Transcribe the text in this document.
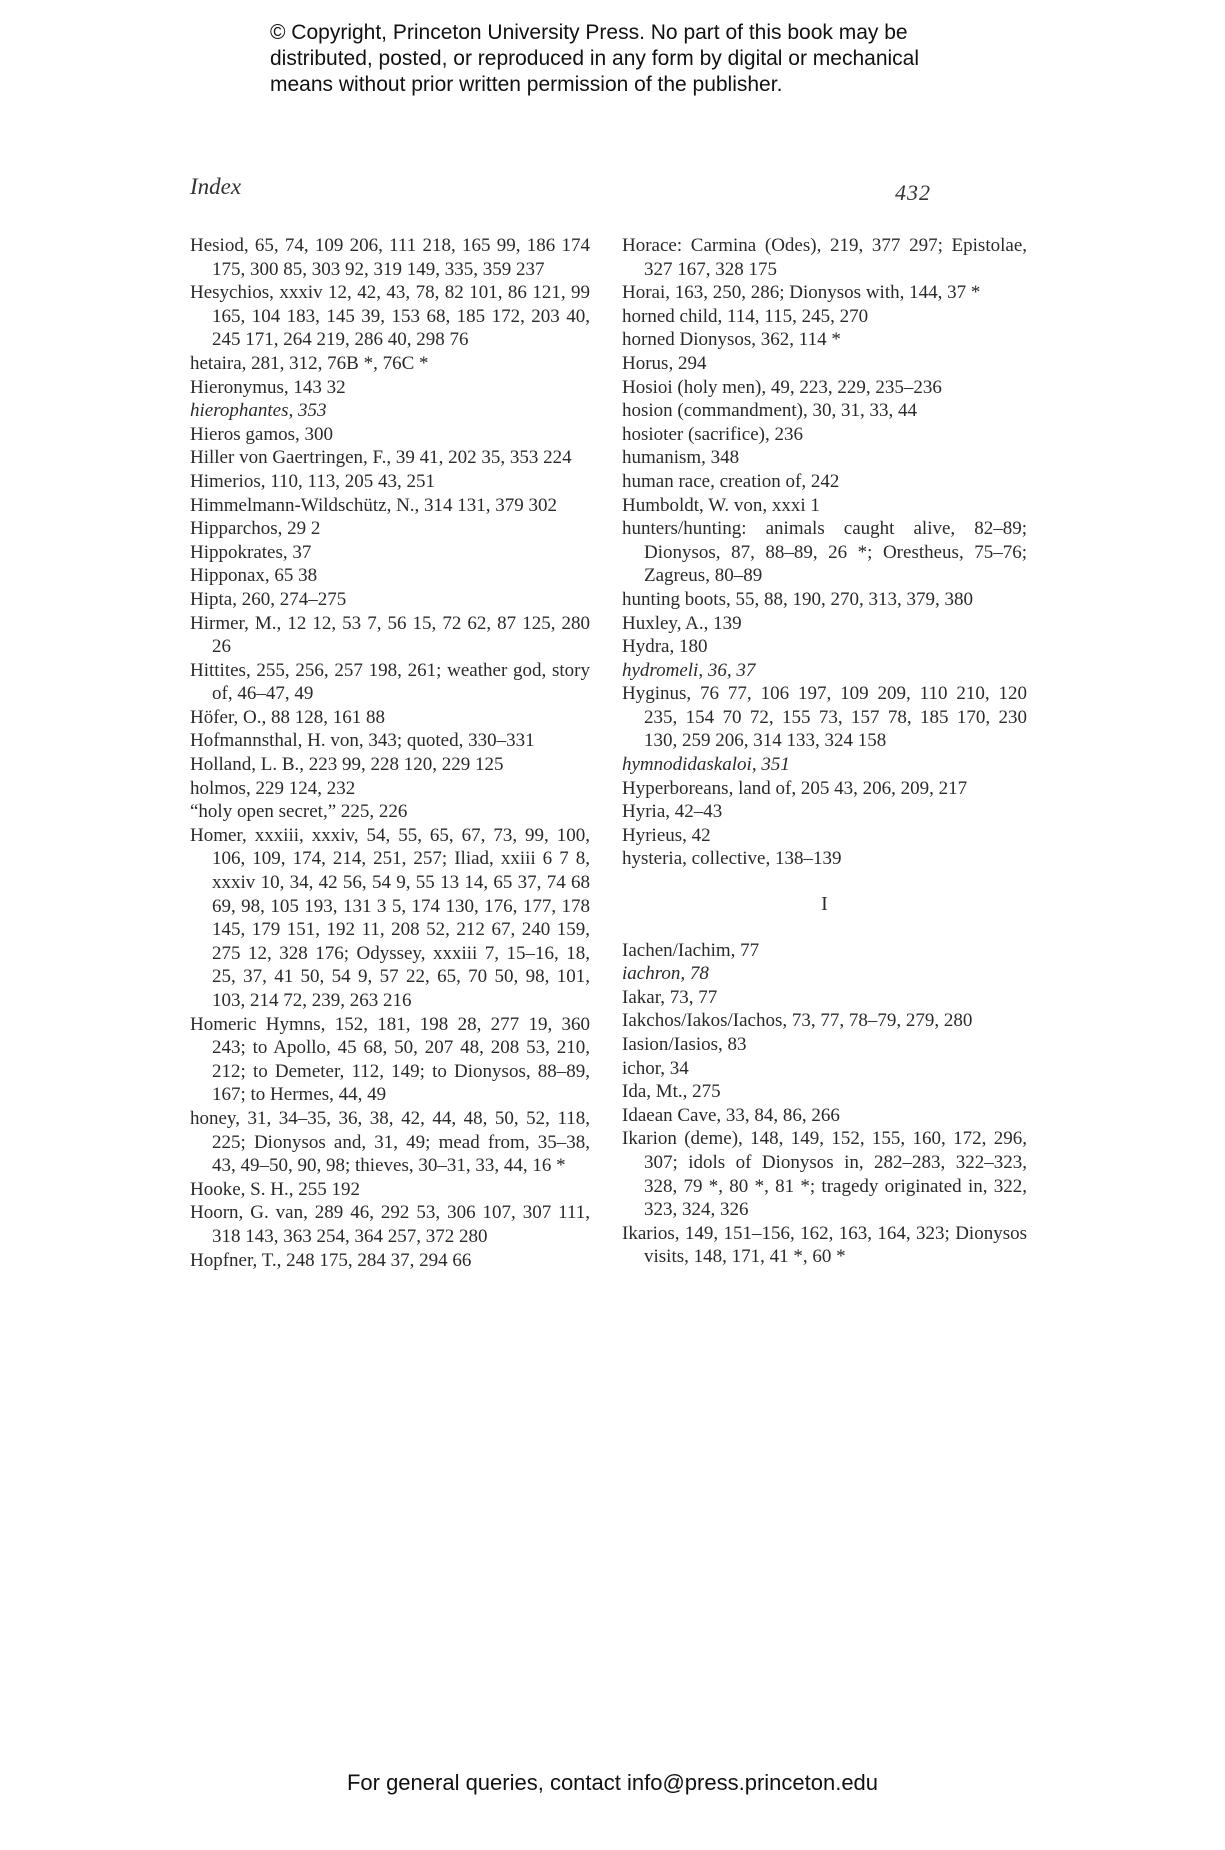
© Copyright, Princeton University Press. No part of this book may be distributed, posted, or reproduced in any form by digital or mechanical means without prior written permission of the publisher.
Index	432
Hesiod, 65, 74, 109 206, 111 218, 165 99, 186 174 175, 300 85, 303 92, 319 149, 335, 359 237
Hesychios, xxxiv 12, 42, 43, 78, 82 101, 86 121, 99 165, 104 183, 145 39, 153 68, 185 172, 203 40, 245 171, 264 219, 286 40, 298 76
hetaira, 281, 312, 76B *, 76C *
Hieronymus, 143 32
hierophantes, 353
Hieros gamos, 300
Hiller von Gaertringen, F., 39 41, 202 35, 353 224
Himerios, 110, 113, 205 43, 251
Himmelmann-Wildschütz, N., 314 131, 379 302
Hipparchos, 29 2
Hippokrates, 37
Hipponax, 65 38
Hipta, 260, 274–275
Hirmer, M., 12 12, 53 7, 56 15, 72 62, 87 125, 280 26
Hittites, 255, 256, 257 198, 261; weather god, story of, 46–47, 49
Höfer, O., 88 128, 161 88
Hofmannsthal, H. von, 343; quoted, 330–331
Holland, L. B., 223 99, 228 120, 229 125
holmos, 229 124, 232
“holy open secret,” 225, 226
Homer, xxxiii, xxxiv, 54, 55, 65, 67, 73, 99, 100, 106, 109, 174, 214, 251, 257; Iliad, xxiii 6 7 8, xxxiv 10, 34, 42 56, 54 9, 55 13 14, 65 37, 74 68 69, 98, 105 193, 131 3 5, 174 130, 176, 177, 178 145, 179 151, 192 11, 208 52, 212 67, 240 159, 275 12, 328 176; Odyssey, xxxiii 7, 15–16, 18, 25, 37, 41 50, 54 9, 57 22, 65, 70 50, 98, 101, 103, 214 72, 239, 263 216
Homeric Hymns, 152, 181, 198 28, 277 19, 360 243; to Apollo, 45 68, 50, 207 48, 208 53, 210, 212; to Demeter, 112, 149; to Dionysos, 88–89, 167; to Hermes, 44, 49
honey, 31, 34–35, 36, 38, 42, 44, 48, 50, 52, 118, 225; Dionysos and, 31, 49; mead from, 35–38, 43, 49–50, 90, 98; thieves, 30–31, 33, 44, 16 *
Hooke, S. H., 255 192
Hoorn, G. van, 289 46, 292 53, 306 107, 307 111, 318 143, 363 254, 364 257, 372 280
Hopfner, T., 248 175, 284 37, 294 66
Horace: Carmina (Odes), 219, 377 297; Epistolae, 327 167, 328 175
Horai, 163, 250, 286; Dionysos with, 144, 37 *
horned child, 114, 115, 245, 270
horned Dionysos, 362, 114 *
Horus, 294
Hosioi (holy men), 49, 223, 229, 235–236
hosion (commandment), 30, 31, 33, 44
hosioter (sacrifice), 236
humanism, 348
human race, creation of, 242
Humboldt, W. von, xxxi 1
hunters/hunting: animals caught alive, 82–89; Dionysos, 87, 88–89, 26 *; Orestheus, 75–76; Zagreus, 80–89
hunting boots, 55, 88, 190, 270, 313, 379, 380
Huxley, A., 139
Hydra, 180
hydromeli, 36, 37
Hyginus, 76 77, 106 197, 109 209, 110 210, 120 235, 154 70 72, 155 73, 157 78, 185 170, 230 130, 259 206, 314 133, 324 158
hymnodidaskaloi, 351
Hyperboreans, land of, 205 43, 206, 209, 217
Hyria, 42–43
Hyrieus, 42
hysteria, collective, 138–139
I
Iachen/Iachim, 77
iachron, 78
Iakar, 73, 77
Iakchos/Iakos/Iachos, 73, 77, 78–79, 279, 280
Iasion/Iasios, 83
ichor, 34
Ida, Mt., 275
Idaean Cave, 33, 84, 86, 266
Ikarion (deme), 148, 149, 152, 155, 160, 172, 296, 307; idols of Dionysos in, 282–283, 322–323, 328, 79 *, 80 *, 81 *; tragedy originated in, 322, 323, 324, 326
Ikarios, 149, 151–156, 162, 163, 164, 323; Dionysos visits, 148, 171, 41 *, 60 *
For general queries, contact info@press.princeton.edu
